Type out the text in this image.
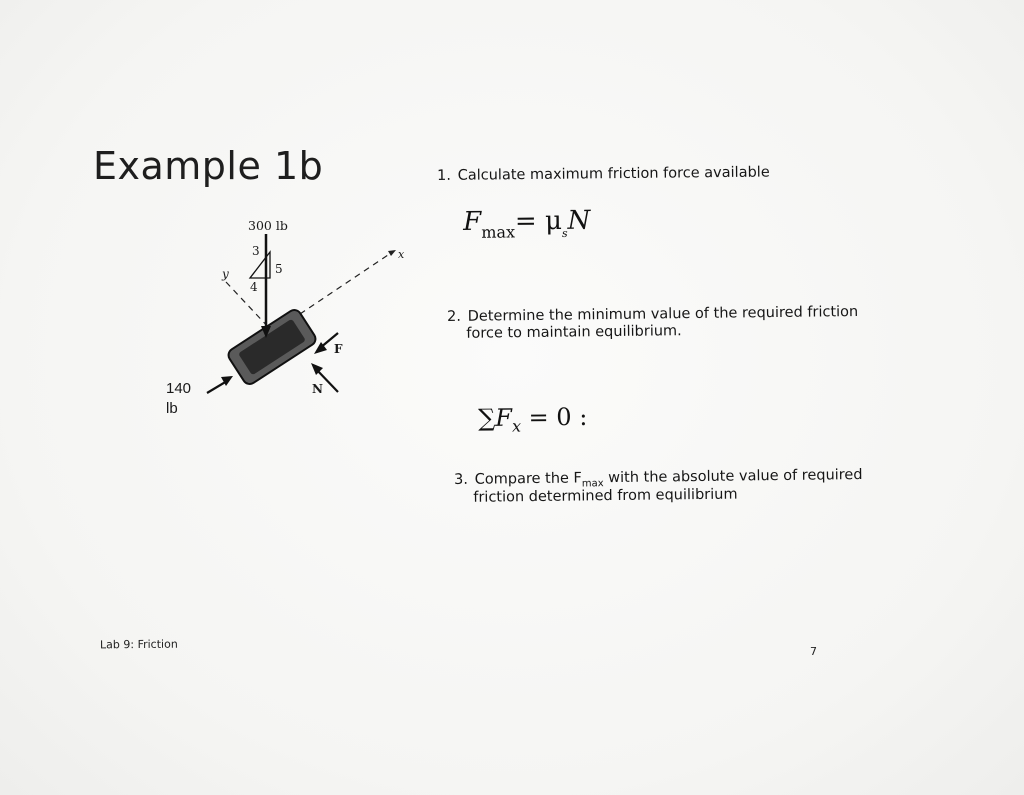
Example 1b
300 lb
3
5
4
y
x
F
N
140
lb
1. Calculate maximum friction force available
$F_{max}= \mu_sN$
2. Determine the minimum value of the required friction
force to maintain equilibrium.
$\sum F_x = 0$ :
3. Compare the $F_{max}$ with the absolute value of required
friction determined from equilibrium
Lab 9: Friction
7
